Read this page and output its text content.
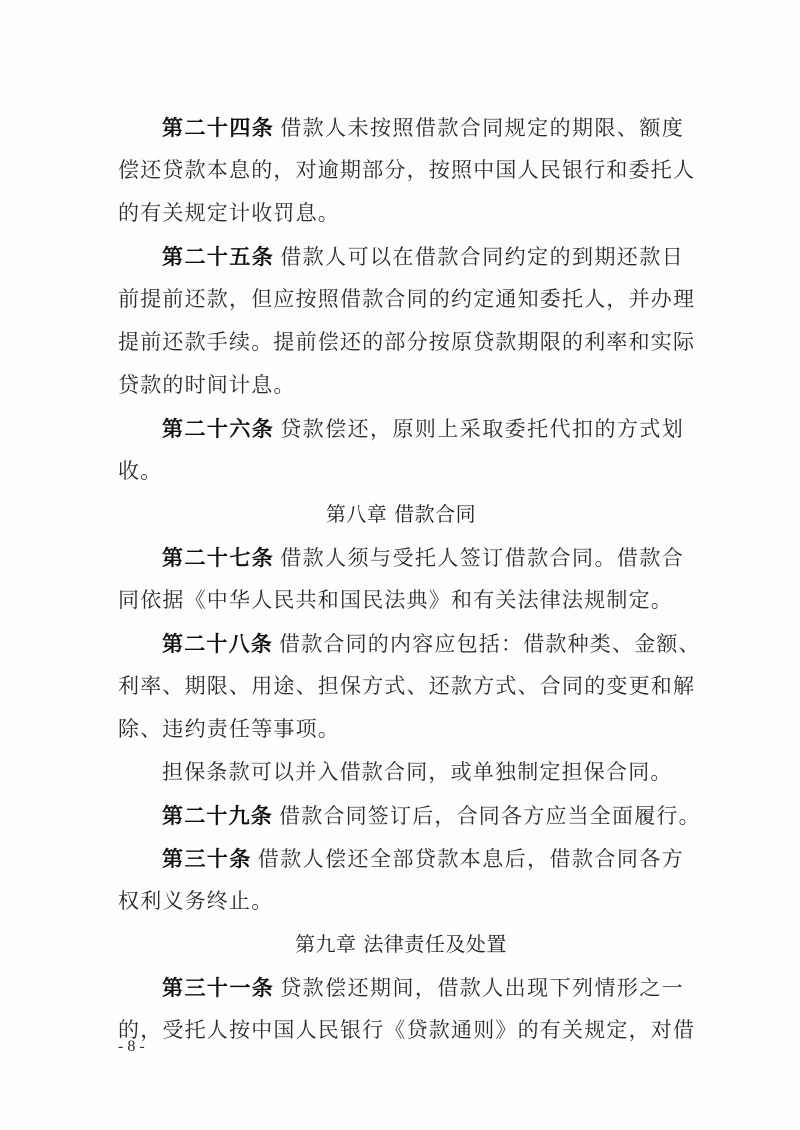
第二十四条 借款人未按照借款合同规定的期限、额度
偿还贷款本息的，对逾期部分，按照中国人民银行和委托人
的有关规定计收罚息。
第二十五条 借款人可以在借款合同约定的到期还款日
前提前还款，但应按照借款合同的约定通知委托人，并办理
提前还款手续。提前偿还的部分按原贷款期限的利率和实际
贷款的时间计息。
第二十六条 贷款偿还，原则上采取委托代扣的方式划
收。
第八章 借款合同
第二十七条 借款人须与受托人签订借款合同。借款合
同依据《中华人民共和国民法典》和有关法律法规制定。
第二十八条 借款合同的内容应包括：借款种类、金额、
利率、期限、用途、担保方式、还款方式、合同的变更和解
除、违约责任等事项。
担保条款可以并入借款合同，或单独制定担保合同。
第二十九条 借款合同签订后，合同各方应当全面履行。
第三十条 借款人偿还全部贷款本息后，借款合同各方
权利义务终止。
第九章 法律责任及处置
第三十一条 贷款偿还期间，借款人出现下列情形之一
的，受托人按中国人民银行《贷款通则》的有关规定，对借
- 8 -
